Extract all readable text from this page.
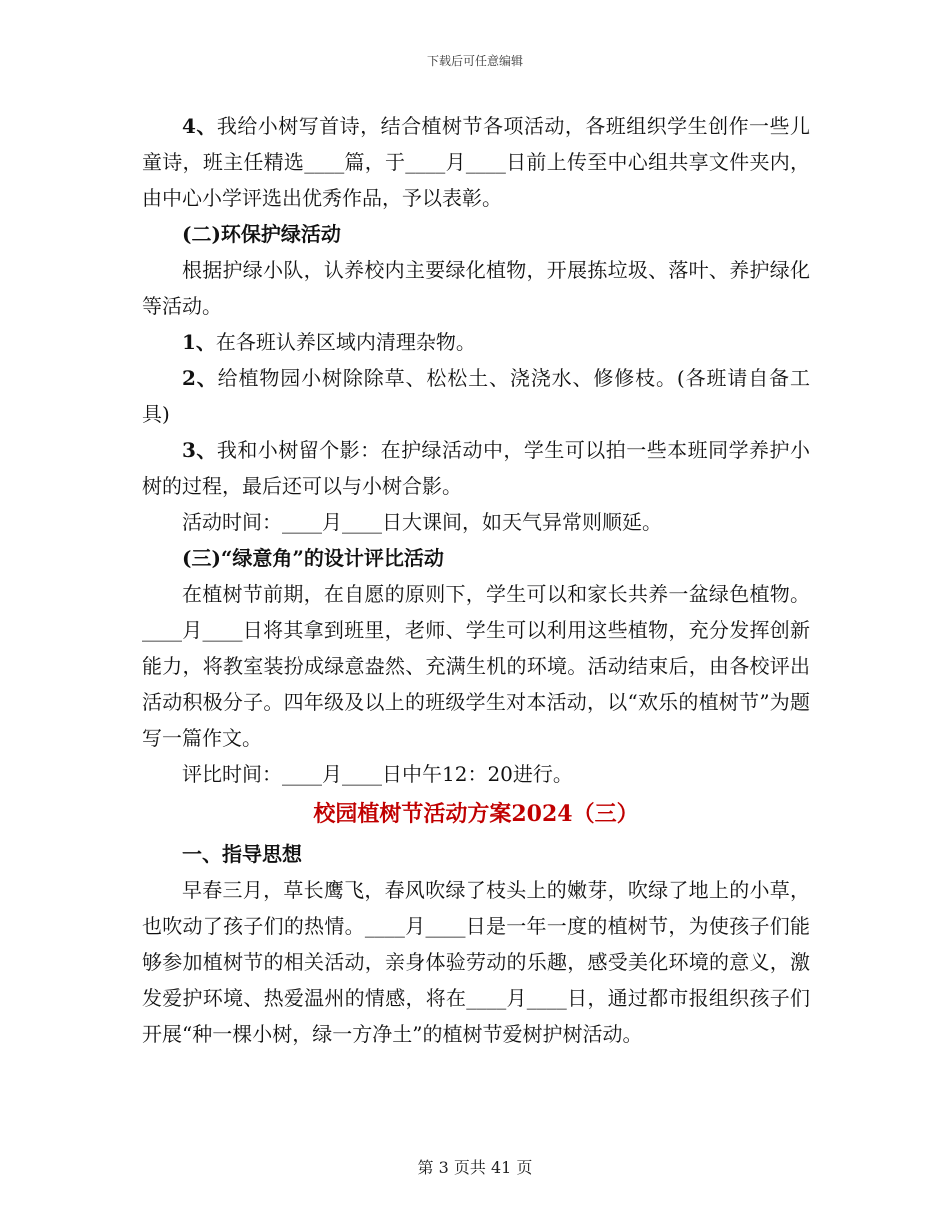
下载后可任意编辑

4、我给小树写首诗，结合植树节各项活动，各班组织学生创作一些儿童诗，班主任精选____篇，于____月____日前上传至中心组共享文件夹内，由中心小学评选出优秀作品，予以表彰。

(二)环保护绿活动

根据护绿小队，认养校内主要绿化植物，开展拣垃圾、落叶、养护绿化等活动。

1、在各班认养区域内清理杂物。

2、给植物园小树除除草、松松土、浇浇水、修修枝。(各班请自备工具)

3、我和小树留个影：在护绿活动中，学生可以拍一些本班同学养护小树的过程，最后还可以与小树合影。

活动时间：____月____日大课间，如天气异常则顺延。

(三)“绿意角”的设计评比活动

在植树节前期，在自愿的原则下，学生可以和家长共养一盆绿色植物。____月____日将其拿到班里，老师、学生可以利用这些植物，充分发挥创新能力，将教室装扮成绿意盎然、充满生机的环境。活动结束后，由各校评出活动积极分子。四年级及以上的班级学生对本活动，以“欢乐的植树节”为题写一篇作文。

评比时间：____月____日中午12：20进行。

校园植树节活动方案2024（三）

一、指导思想

早春三月，草长鹰飞，春风吹绿了枝头上的嫩芽，吹绿了地上的小草，也吹动了孩子们的热情。____月____日是一年一度的植树节，为使孩子们能够参加植树节的相关活动，亲身体验劳动的乐趣，感受美化环境的意义，激发爱护环境、热爱温州的情感，将在____月____日，通过都市报组织孩子们开展“种一棵小树，绿一方净土”的植树节爱树护树活动。

第 3 页共 41 页
